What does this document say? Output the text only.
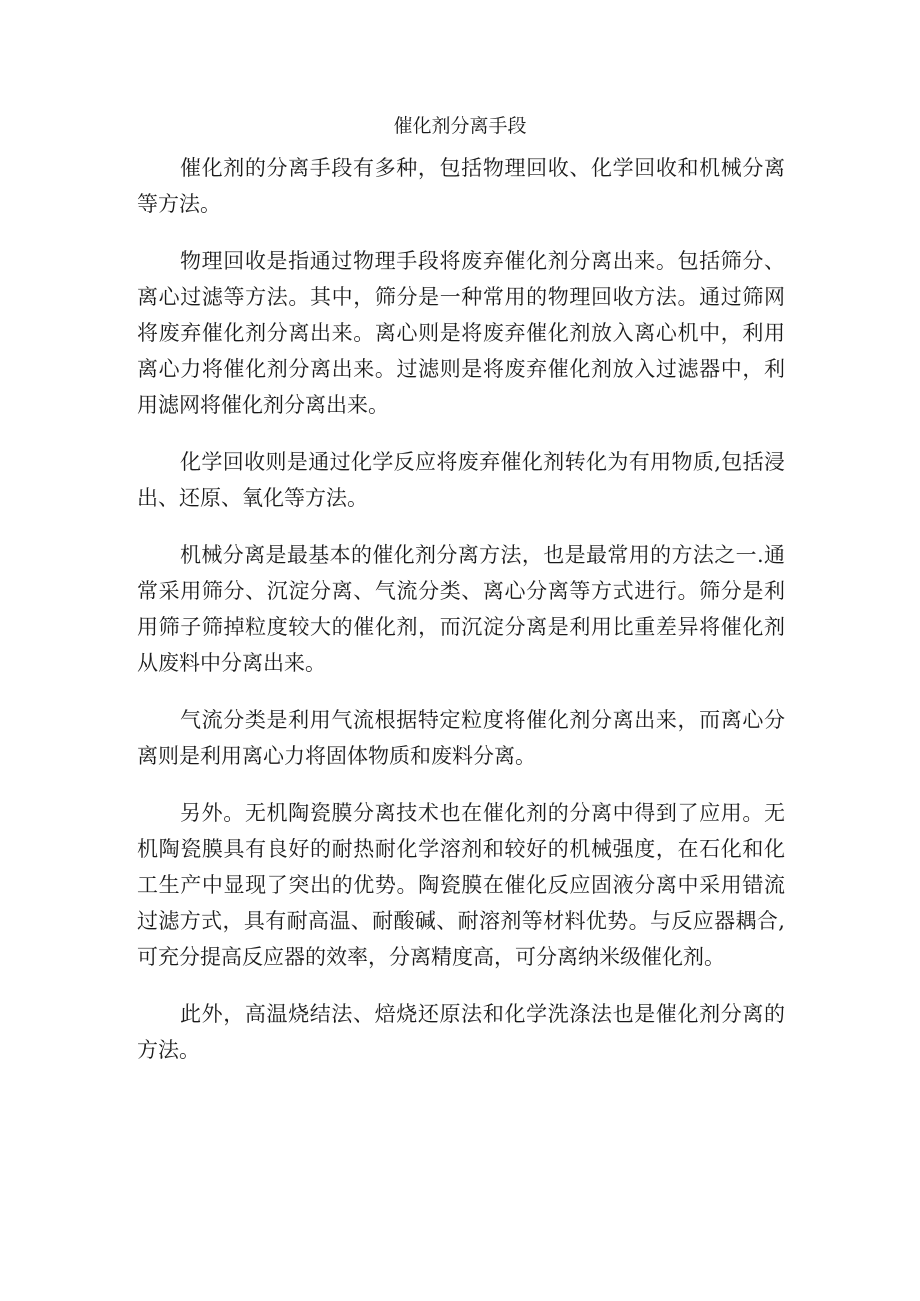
催化剂分离手段

催化剂的分离手段有多种，包括物理回收、化学回收和机械分离等方法。

物理回收是指通过物理手段将废弃催化剂分离出来。包括筛分、离心过滤等方法。其中，筛分是一种常用的物理回收方法。通过筛网将废弃催化剂分离出来。离心则是将废弃催化剂放入离心机中，利用离心力将催化剂分离出来。过滤则是将废弃催化剂放入过滤器中，利用滤网将催化剂分离出来。

化学回收则是通过化学反应将废弃催化剂转化为有用物质,包括浸出、还原、氧化等方法。

机械分离是最基本的催化剂分离方法，也是最常用的方法之一.通常采用筛分、沉淀分离、气流分类、离心分离等方式进行。筛分是利用筛子筛掉粒度较大的催化剂，而沉淀分离是利用比重差异将催化剂从废料中分离出来。

气流分类是利用气流根据特定粒度将催化剂分离出来，而离心分离则是利用离心力将固体物质和废料分离。

另外。无机陶瓷膜分离技术也在催化剂的分离中得到了应用。无机陶瓷膜具有良好的耐热耐化学溶剂和较好的机械强度，在石化和化工生产中显现了突出的优势。陶瓷膜在催化反应固液分离中采用错流过滤方式，具有耐高温、耐酸碱、耐溶剂等材料优势。与反应器耦合,可充分提高反应器的效率，分离精度高，可分离纳米级催化剂。

此外，高温烧结法、焙烧还原法和化学洗涤法也是催化剂分离的方法。
